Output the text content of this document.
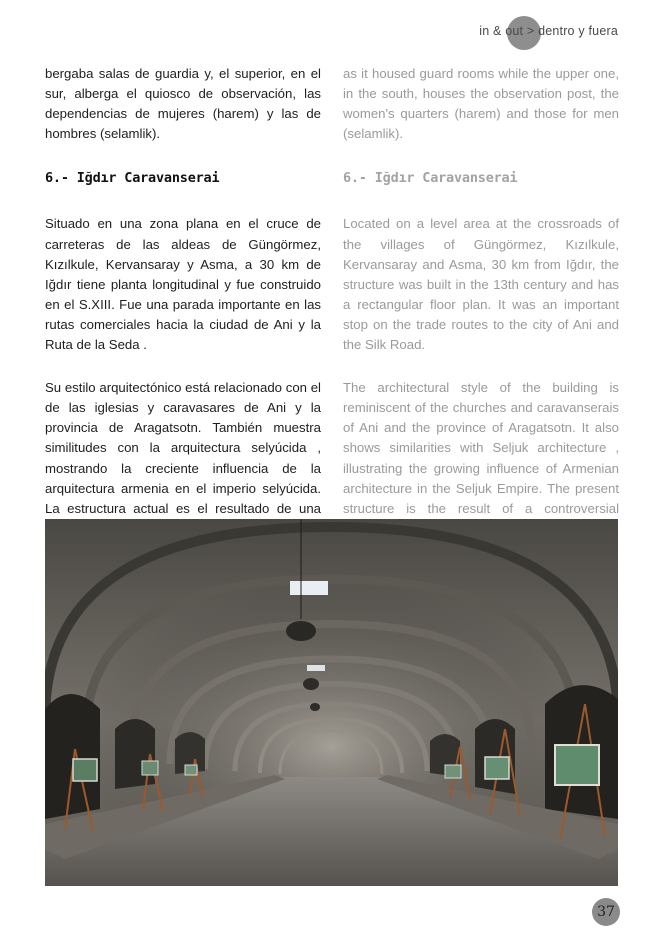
in & out > dentro y fuera

bergaba salas de guardia y, el superior, en el sur, alberga el quiosco de observación, las dependencias de mujeres (harem) y las de hombres (selamlik).

6.- Iğdır Caravanserai

Situado en una zona plana en el cruce de carreteras de las aldeas de Güngörmez, Kızılkule, Kervansaray y Asma, a 30 km de Iğdır tiene planta longitudinal y fue construido en el S.XIII. Fue una parada importante en las rutas comerciales hacia la ciudad de Ani y la Ruta de la Seda .

Su estilo arquitectónico está relacionado con el de las iglesias y caravasares de Ani y la provincia de Aragatsotn. También muestra similitudes con la arquitectura selyúcida , mostrando la creciente influencia de la arquitectura armenia en el imperio selyúcida. La estructura actual es el resultado de una

as it housed guard rooms while the upper one, in the south, houses the observation post, the women's quarters (harem) and those for men (selamlik).

6.- Iğdır Caravanserai

Located on a level area at the crossroads of the villages of Güngörmez, Kızılkule, Kervansaray and Asma, 30 km from Iğdır, the structure was built in the 13th century and has a rectangular floor plan. It was an important stop on the trade routes to the city of Ani and the Silk Road.

The architectural style of the building is reminiscent of the churches and caravanserais of Ani and the province of Aragatsotn. It also shows similarities with Seljuk architecture , illustrating the growing influence of Armenian architecture in the Seljuk Empire. The present structure is the result of a controversial

37
